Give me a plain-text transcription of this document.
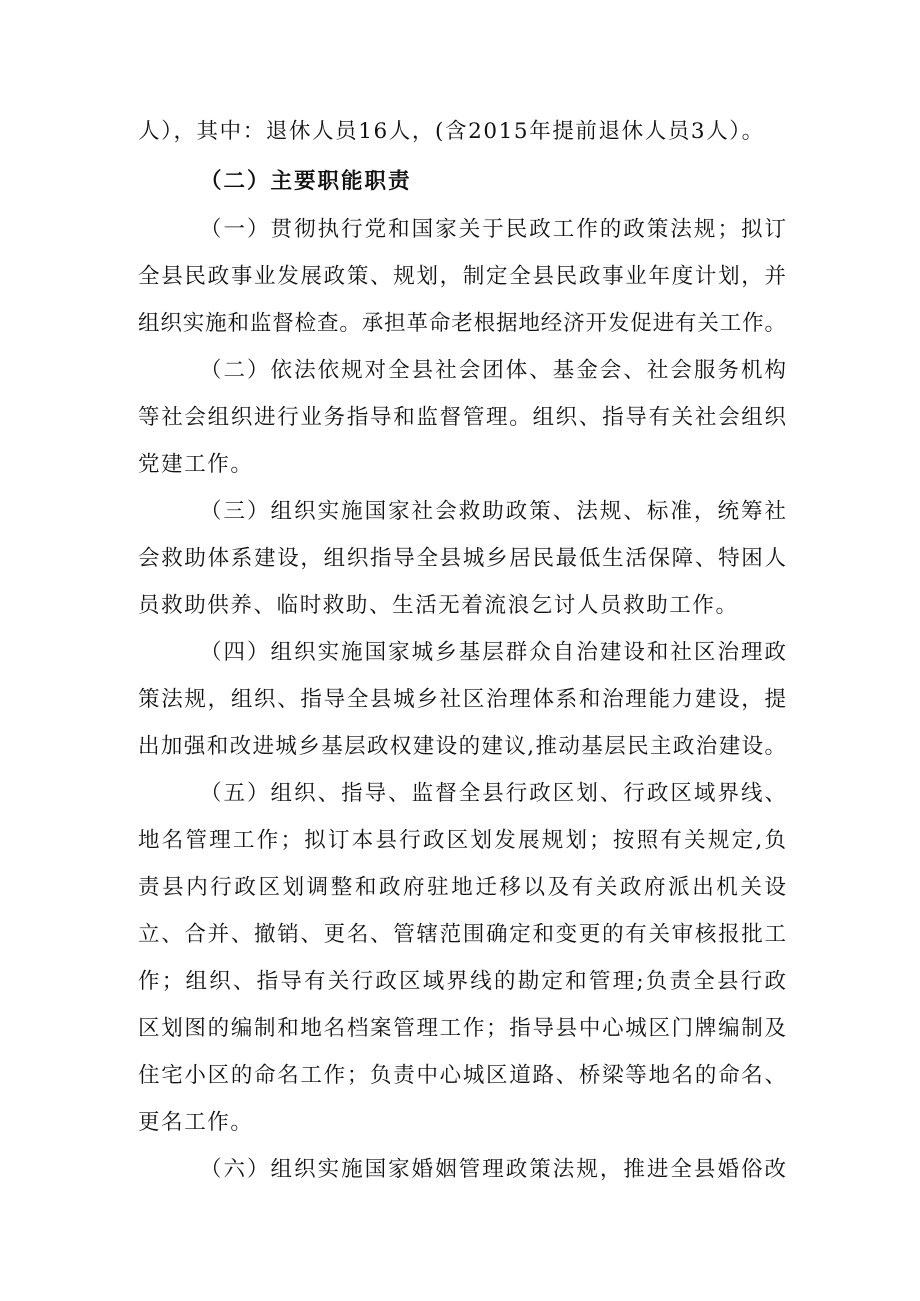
人），其中：退休人员16人，(含2015年提前退休人员3人）。
（二）主要职能职责
（一）贯彻执行党和国家关于民政工作的政策法规；拟订
全县民政事业发展政策、规划，制定全县民政事业年度计划，并
组织实施和监督检查。承担革命老根据地经济开发促进有关工作。
（二）依法依规对全县社会团体、基金会、社会服务机构
等社会组织进行业务指导和监督管理。组织、指导有关社会组织
党建工作。
（三）组织实施国家社会救助政策、法规、标准，统筹社
会救助体系建设，组织指导全县城乡居民最低生活保障、特困人
员救助供养、临时救助、生活无着流浪乞讨人员救助工作。
（四）组织实施国家城乡基层群众自治建设和社区治理政
策法规，组织、指导全县城乡社区治理体系和治理能力建设，提
出加强和改进城乡基层政权建设的建议,推动基层民主政治建设。
（五）组织、指导、监督全县行政区划、行政区域界线、
地名管理工作；拟订本县行政区划发展规划；按照有关规定,负
责县内行政区划调整和政府驻地迁移以及有关政府派出机关设
立、合并、撤销、更名、管辖范围确定和变更的有关审核报批工
作；组织、指导有关行政区域界线的勘定和管理;负责全县行政
区划图的编制和地名档案管理工作；指导县中心城区门牌编制及
住宅小区的命名工作；负责中心城区道路、桥梁等地名的命名、
更名工作。
（六）组织实施国家婚姻管理政策法规，推进全县婚俗改
